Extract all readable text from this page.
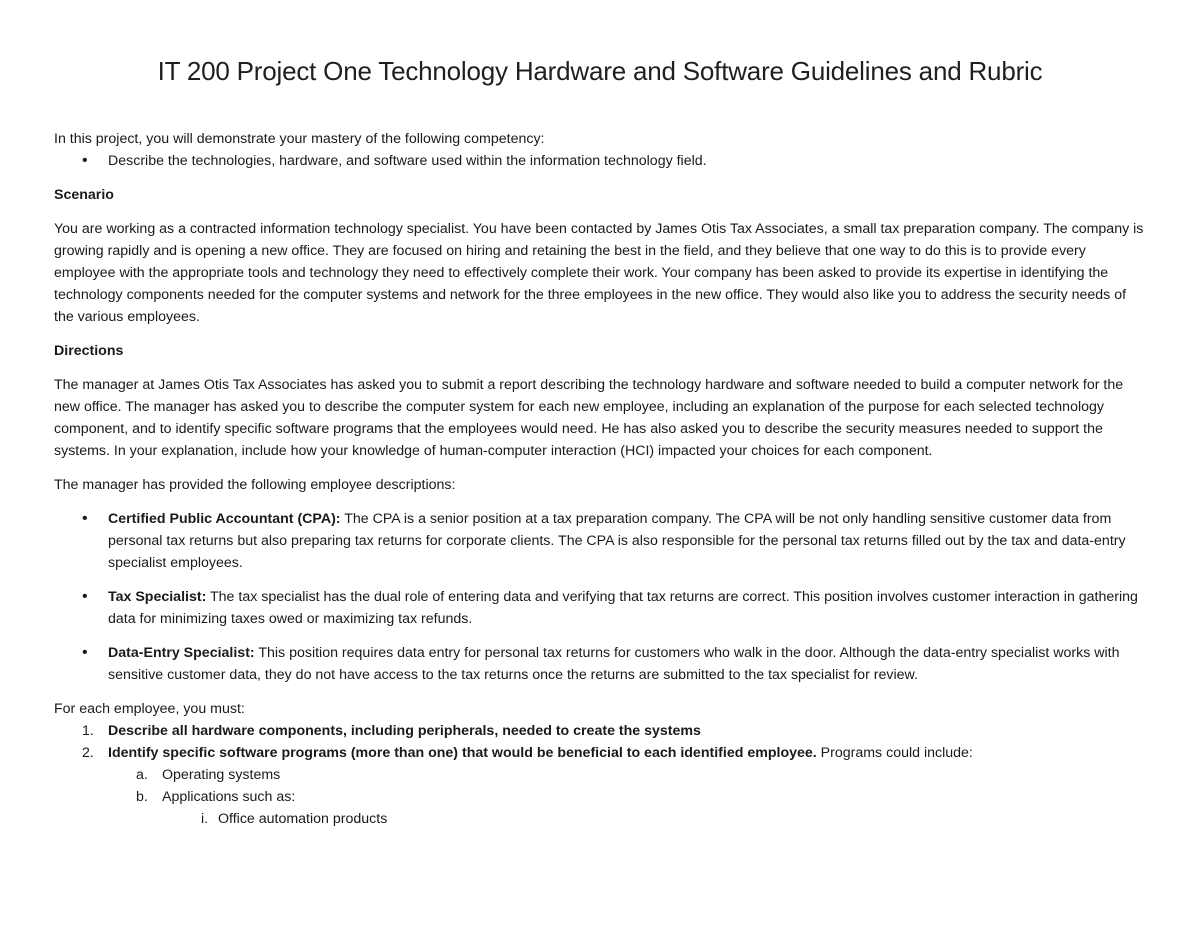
IT 200 Project One Technology Hardware and Software Guidelines and Rubric

In this project, you will demonstrate your mastery of the following competency:

• Describe the technologies, hardware, and software used within the information technology field.

Scenario

You are working as a contracted information technology specialist. You have been contacted by James Otis Tax Associates, a small tax preparation company. The company is growing rapidly and is opening a new office. They are focused on hiring and retaining the best in the field, and they believe that one way to do this is to provide every employee with the appropriate tools and technology they need to effectively complete their work. Your company has been asked to provide its expertise in identifying the technology components needed for the computer systems and network for the three employees in the new office. They would also like you to address the security needs of the various employees.

Directions

The manager at James Otis Tax Associates has asked you to submit a report describing the technology hardware and software needed to build a computer network for the new office. The manager has asked you to describe the computer system for each new employee, including an explanation of the purpose for each selected technology component, and to identify specific software programs that the employees would need. He has also asked you to describe the security measures needed to support the systems. In your explanation, include how your knowledge of human-computer interaction (HCI) impacted your choices for each component.

The manager has provided the following employee descriptions:

• Certified Public Accountant (CPA): The CPA is a senior position at a tax preparation company. The CPA will be not only handling sensitive customer data from personal tax returns but also preparing tax returns for corporate clients. The CPA is also responsible for the personal tax returns filled out by the tax and data-entry specialist employees.
• Tax Specialist: The tax specialist has the dual role of entering data and verifying that tax returns are correct. This position involves customer interaction in gathering data for minimizing taxes owed or maximizing tax refunds.
• Data-Entry Specialist: This position requires data entry for personal tax returns for customers who walk in the door. Although the data-entry specialist works with sensitive customer data, they do not have access to the tax returns once the returns are submitted to the tax specialist for review.

For each employee, you must:

1. Describe all hardware components, including peripherals, needed to create the systems
2. Identify specific software programs (more than one) that would be beneficial to each identified employee. Programs could include:
a. Operating systems
b. Applications such as:
i. Office automation products
